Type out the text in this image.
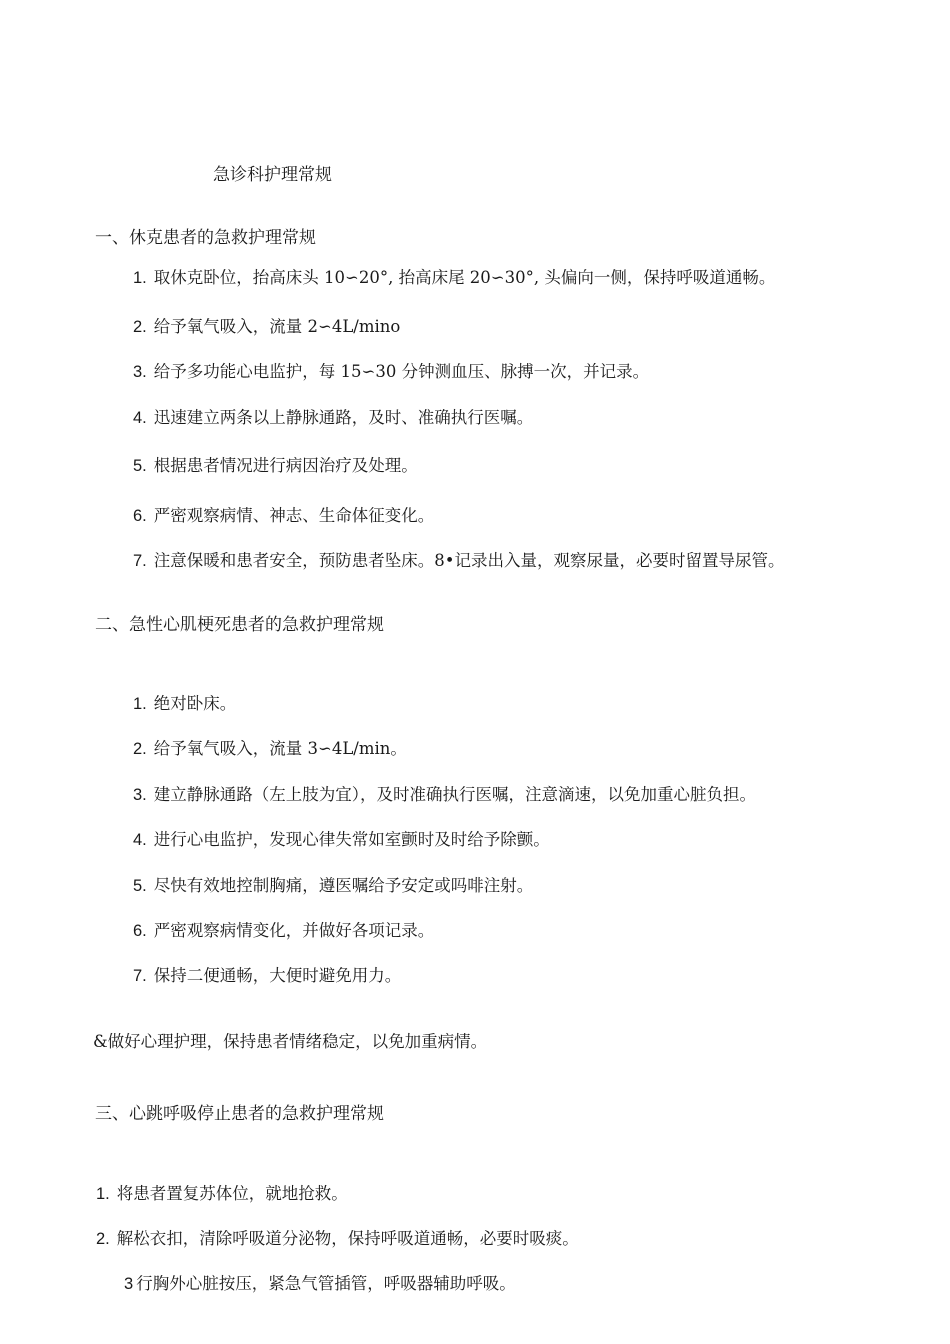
急诊科护理常规
一、休克患者的急救护理常规
1. 取休克卧位，抬高床头 10∽20°, 抬高床尾 20∽30°, 头偏向一侧，保持呼吸道通畅。
2. 给予氧气吸入，流量 2∽4L/mino
3. 给予多功能心电监护，每 15∽30 分钟测血压、脉搏一次，并记录。
4. 迅速建立两条以上静脉通路，及时、准确执行医嘱。
5. 根据患者情况进行病因治疗及处理。
6. 严密观察病情、神志、生命体征变化。
7. 注意保暖和患者安全，预防患者坠床。8•记录出入量，观察尿量，必要时留置导尿管。
二、急性心肌梗死患者的急救护理常规
1. 绝对卧床。
2. 给予氧气吸入，流量 3∽4L/min。
3. 建立静脉通路（左上肢为宜），及时准确执行医嘱，注意滴速，以免加重心脏负担。
4. 进行心电监护，发现心律失常如室颤时及时给予除颤。
5. 尽快有效地控制胸痛，遵医嘱给予安定或吗啡注射。
6. 严密观察病情变化，并做好各项记录。
7. 保持二便通畅，大便时避免用力。
&做好心理护理，保持患者情绪稳定，以免加重病情。
三、心跳呼吸停止患者的急救护理常规
1. 将患者置复苏体位，就地抢救。
2. 解松衣扣，清除呼吸道分泌物，保持呼吸道通畅，必要时吸痰。
3 行胸外心脏按压，紧急气管插管，呼吸器辅助呼吸。
